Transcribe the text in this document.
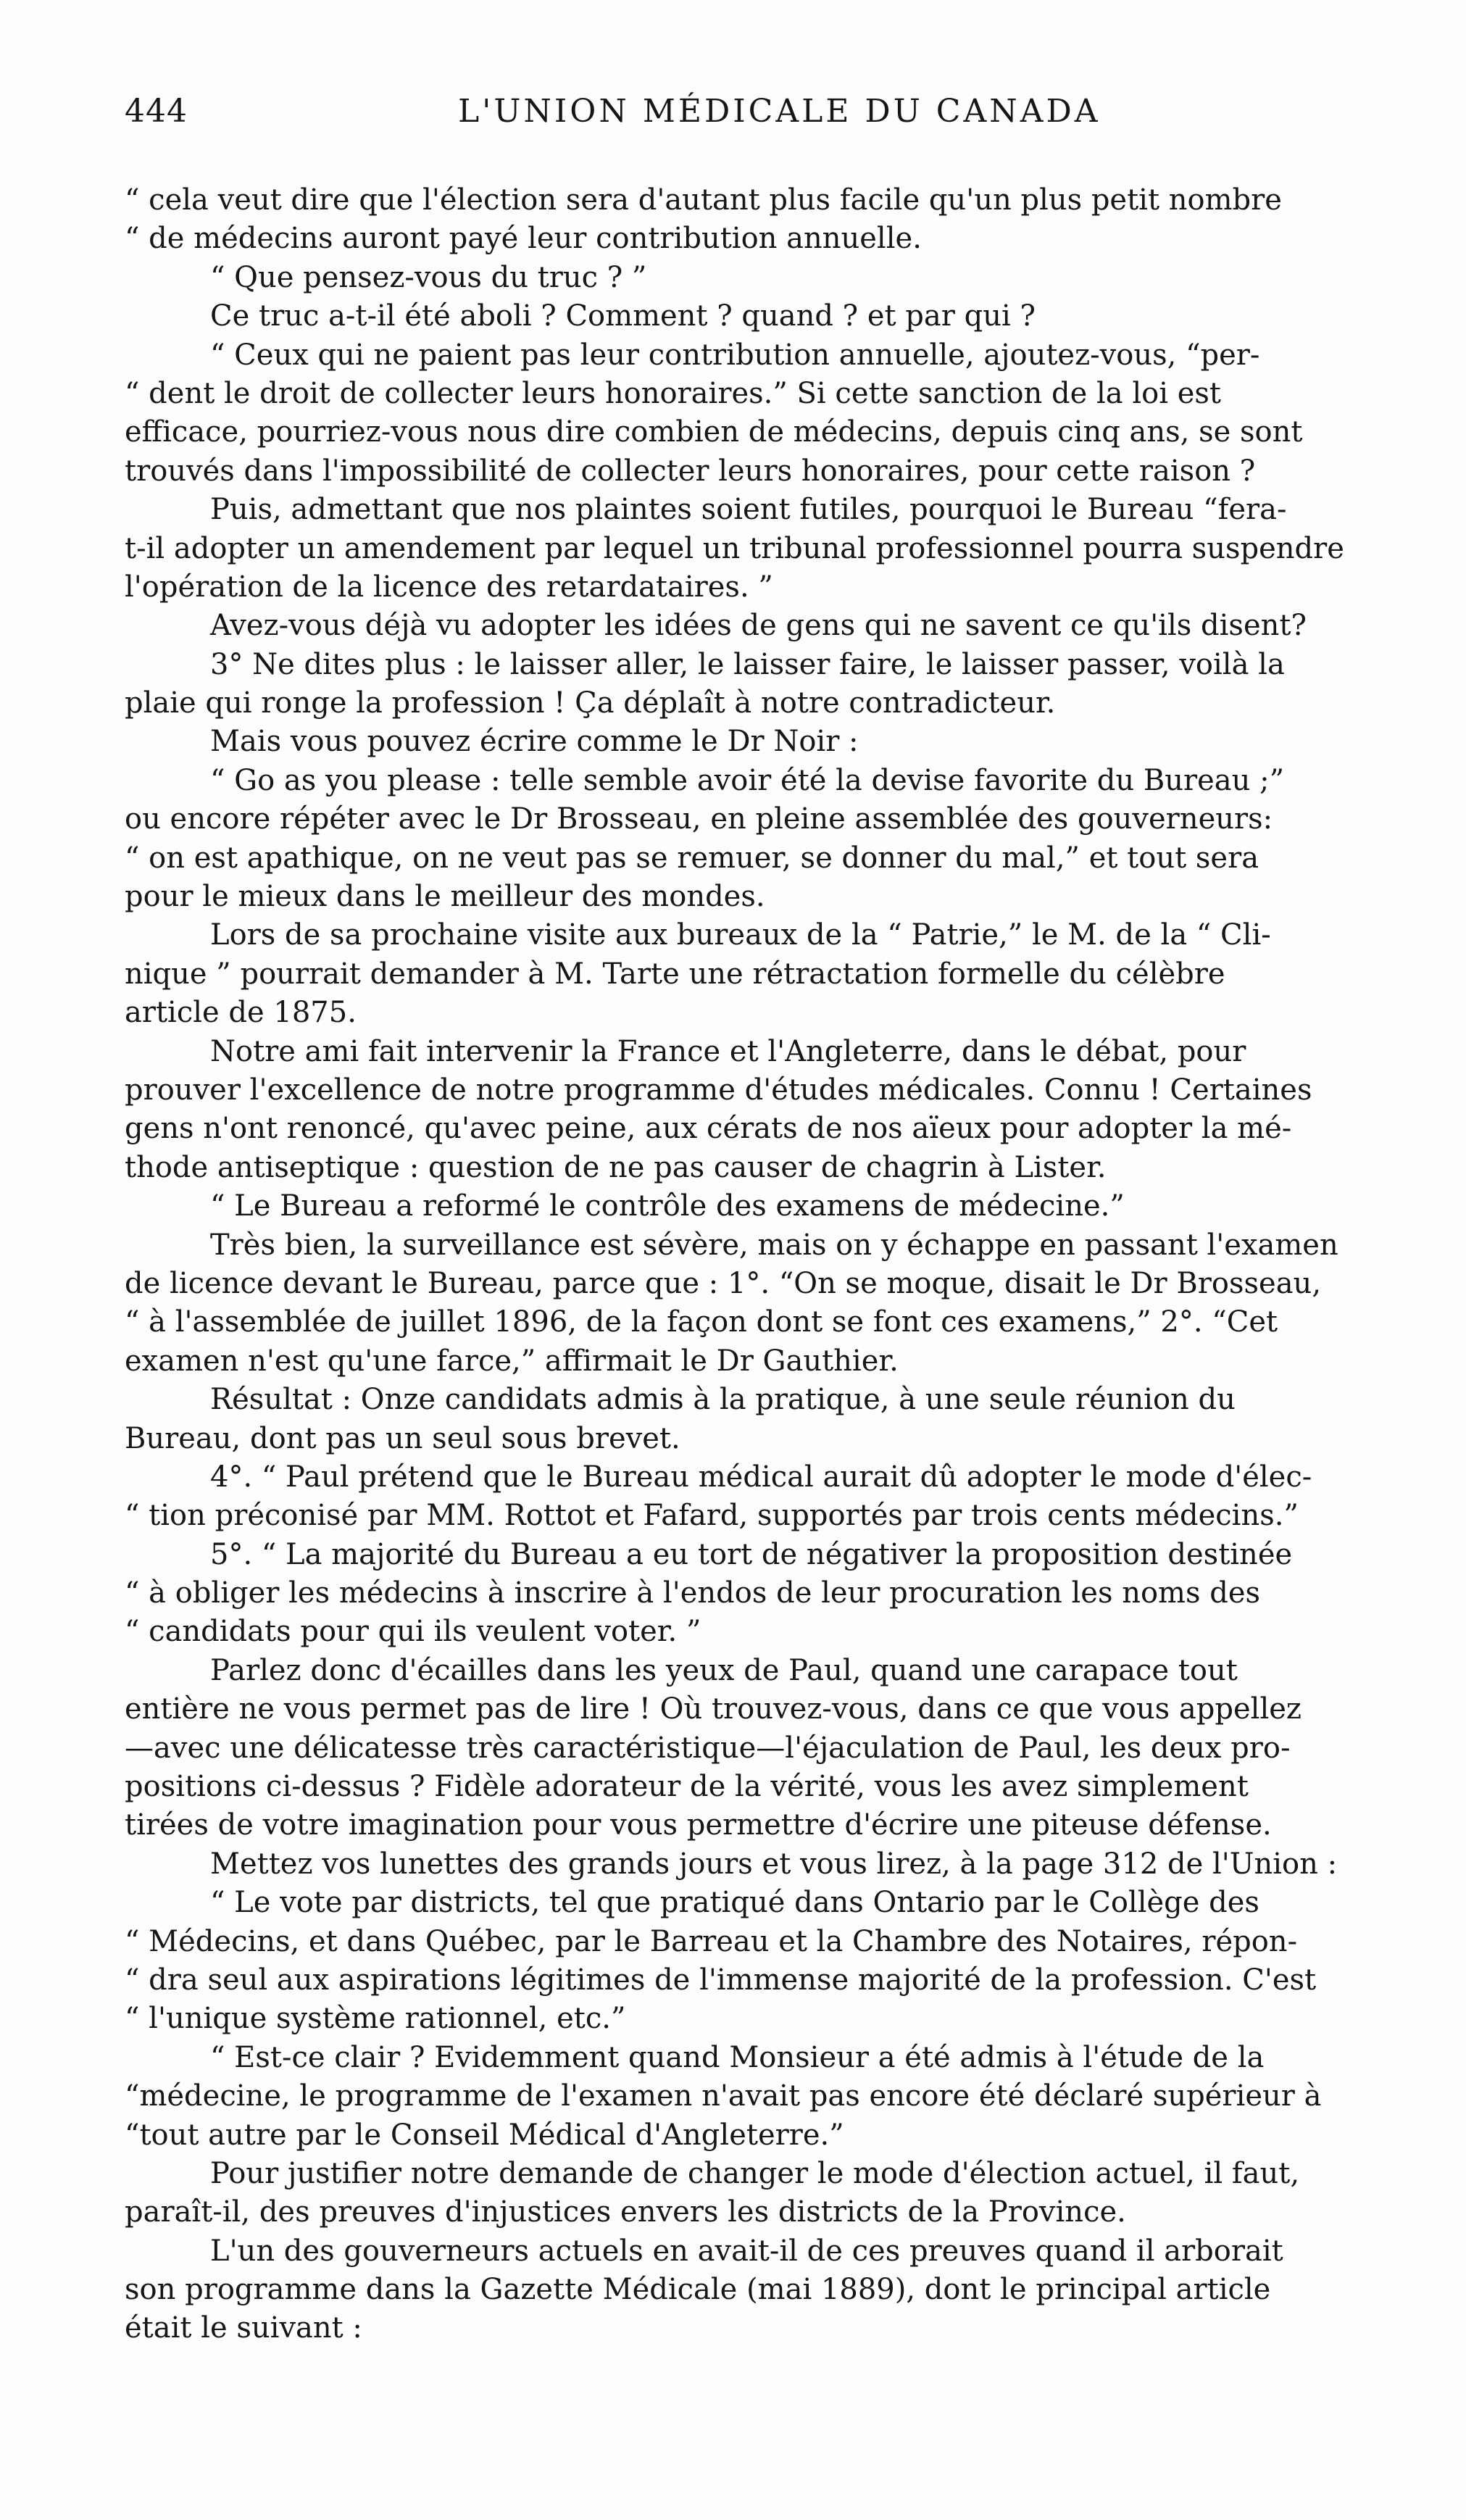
444	L'UNION MÉDICALE DU CANADA
“ cela veut dire que l'élection sera d'autant plus facile qu'un plus petit nombre
“ de médecins auront payé leur contribution annuelle.
“ Que pensez-vous du truc ? ”
Ce truc a-t-il été aboli ? Comment ? quand ? et par qui ?
“ Ceux qui ne paient pas leur contribution annuelle, ajoutez-vous, “per-
“ dent le droit de collecter leurs honoraires.” Si cette sanction de la loi est
efficace, pourriez-vous nous dire combien de médecins, depuis cinq ans, se sont
trouvés dans l'impossibilité de collecter leurs honoraires, pour cette raison ?
Puis, admettant que nos plaintes soient futiles, pourquoi le Bureau “fera-
t-il adopter un amendement par lequel un tribunal professionnel pourra suspendre
l'opération de la licence des retardataires. ”
Avez-vous déjà vu adopter les idées de gens qui ne savent ce qu'ils disent?
3° Ne dites plus : le laisser aller, le laisser faire, le laisser passer, voilà la
plaie qui ronge la profession ! Ça déplaît à notre contradicteur.
Mais vous pouvez écrire comme le Dr Noir :
“ Go as you please : telle semble avoir été la devise favorite du Bureau ;”
ou encore répéter avec le Dr Brosseau, en pleine assemblée des gouverneurs:
“ on est apathique, on ne veut pas se remuer, se donner du mal,” et tout sera
pour le mieux dans le meilleur des mondes.
Lors de sa prochaine visite aux bureaux de la “ Patrie,” le M. de la “ Cli-
nique ” pourrait demander à M. Tarte une rétractation formelle du célèbre
article de 1875.
Notre ami fait intervenir la France et l'Angleterre, dans le débat, pour
prouver l'excellence de notre programme d'études médicales. Connu ! Certaines
gens n'ont renoncé, qu'avec peine, aux cérats de nos aïeux pour adopter la mé-
thode antiseptique : question de ne pas causer de chagrin à Lister.
“ Le Bureau a reformé le contrôle des examens de médecine.”
Très bien, la surveillance est sévère, mais on y échappe en passant l'examen
de licence devant le Bureau, parce que : 1°. “On se moque, disait le Dr Brosseau,
“ à l'assemblée de juillet 1896, de la façon dont se font ces examens,” 2°. “Cet
examen n'est qu'une farce,” affirmait le Dr Gauthier.
Résultat : Onze candidats admis à la pratique, à une seule réunion du
Bureau, dont pas un seul sous brevet.
4°. “ Paul prétend que le Bureau médical aurait dû adopter le mode d'élec-
“ tion préconisé par MM. Rottot et Fafard, supportés par trois cents médecins.”
5°. “ La majorité du Bureau a eu tort de négativer la proposition destinée
“ à obliger les médecins à inscrire à l'endos de leur procuration les noms des
“ candidats pour qui ils veulent voter. ”
Parlez donc d'écailles dans les yeux de Paul, quand une carapace tout
entière ne vous permet pas de lire ! Où trouvez-vous, dans ce que vous appellez
—avec une délicatesse très caractéristique—l'éjaculation de Paul, les deux pro-
positions ci-dessus ? Fidèle adorateur de la vérité, vous les avez simplement
tirées de votre imagination pour vous permettre d'écrire une piteuse défense.
Mettez vos lunettes des grands jours et vous lirez, à la page 312 de l'Union :
“ Le vote par districts, tel que pratiqué dans Ontario par le Collège des
“ Médecins, et dans Québec, par le Barreau et la Chambre des Notaires, répon-
“ dra seul aux aspirations légitimes de l'immense majorité de la profession. C'est
“ l'unique système rationnel, etc.”
“ Est-ce clair ? Evidemment quand Monsieur a été admis à l'étude de la
“médecine, le programme de l'examen n'avait pas encore été déclaré supérieur à
“tout autre par le Conseil Médical d'Angleterre.”
Pour justifier notre demande de changer le mode d'élection actuel, il faut,
paraît-il, des preuves d'injustices envers les districts de la Province.
L'un des gouverneurs actuels en avait-il de ces preuves quand il arborait
son programme dans la Gazette Médicale (mai 1889), dont le principal article
était le suivant :
